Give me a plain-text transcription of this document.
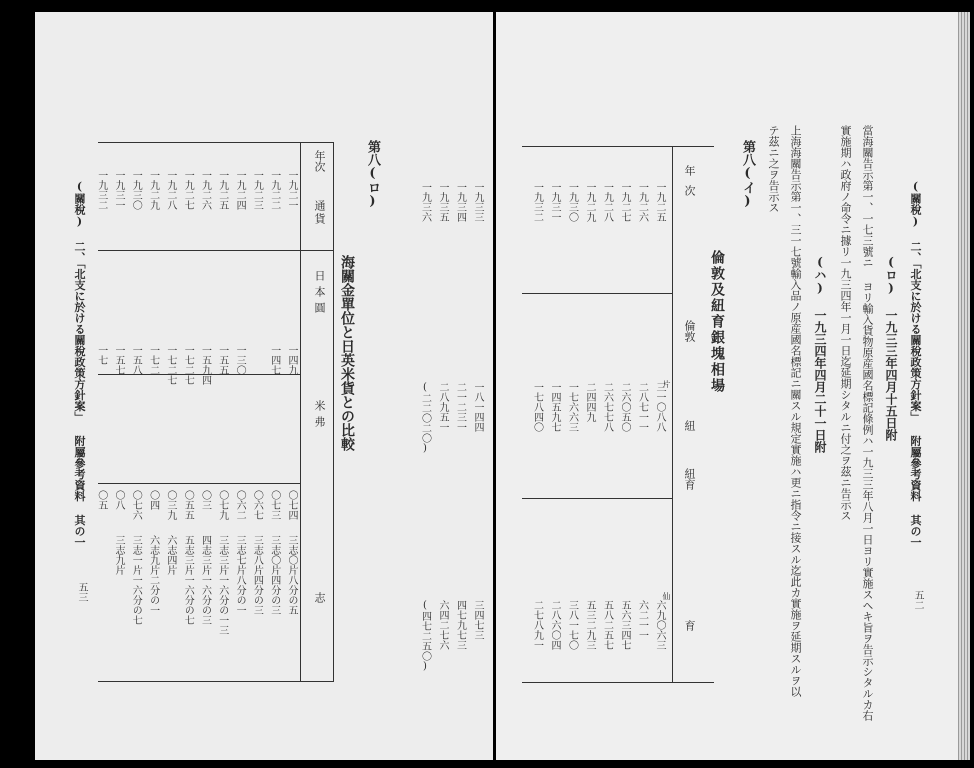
(關稅) 二、「北支に於ける關稅政策方針案」 附屬參考資料 其の一
五二
(ロ) 一九三三年四月十五日附
當海關告示第一、一七三號ニ ヨリ輸入貨物原産國名標記條例ハ一九三三年八月一日ヨリ實施スヘキ旨ヲ告示シタルカ右
實施期ハ政府ノ命令ニ據リ一九三四年一月一日迄延期シタルニ付之ヲ茲ニ告示ス
(ハ) 一九三四年四月二十一日附
上海海關告示第一、三一七號輸入品ノ原産國名標記ニ關スル規定實施ハ更ニ指令ニ接スル迄此カ實施ヲ延期スルヲ以
テ茲ニ之ヲ告示ス
第八(イ)
倫敦及紐育銀塊相場
年次
倫敦
紐育
紐
育
片
仙
一九二五
三一〇八八
六九〇六三
一九二六
二八七一一
六二一一
一九二七
二六〇五〇
五六三四七
一九二八
二六七七八
五八二五七
一九二九
二四四九
五三二九三
一九三〇
一七六六三
三八一七〇
一九三一
一四五九七
二八六〇四
一九三二
一七八四〇
二七八九一
一九三三
一八一四四
三四七三
一九三四
二一二三一
四七九七三
一九三五
二八九五一
六四二七六
一九三六
(二二〇二〇)
(四七二五〇)
(關稅) 二、「北支に於ける關稅政策方針案」 附屬參考資料 其の一
五三
第八(ロ)
海關金單位と日英米貨との比較
年次
通貨
日本圓
米弗
志
一九二一
一四九
〇七四
三志〇片八分の五
一九二二
一四七
〇七三
三志〇片四分の三
一九二三
〇六七
三志八片四分の三
一九二四
一三〇
〇六二
三志七片八分の一
一九二五
一五五
〇七九
三志三片一六分の一三
一九二六
一五九四
〇三
四志三片一六分の三
一九二七
一七二七
〇五五
五志三片一六分の七
一九二八
一七二七
〇三九
六志四片
一九二九
一七二
〇四
六志九片二分の一
一九三〇
一五八
〇七六
三志一片一六分の七
一九三一
一五七
〇八
三志九片
一九三二
一七
〇五
